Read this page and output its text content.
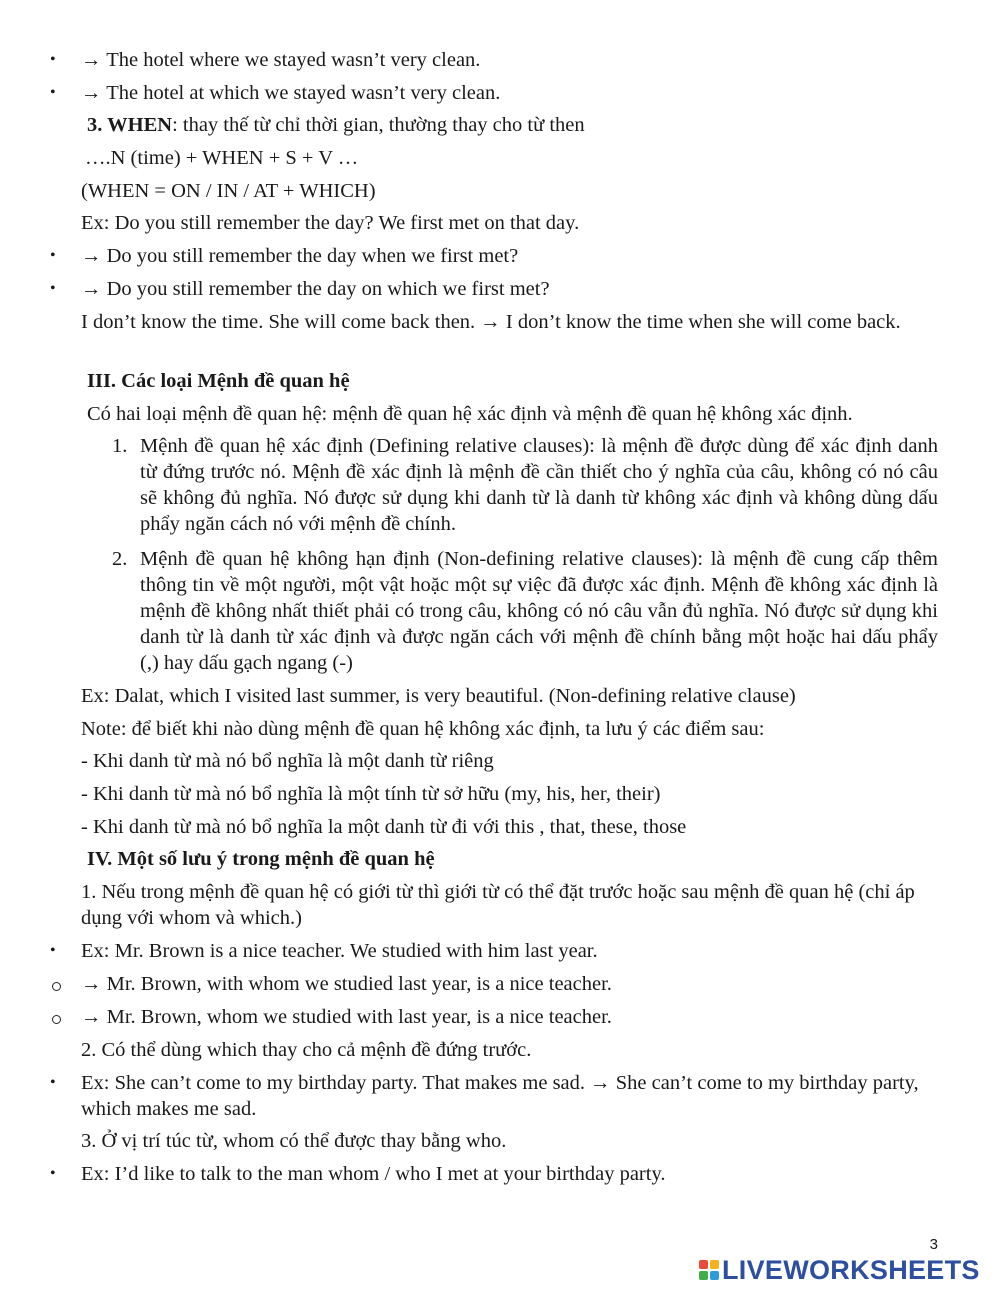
•
•
•
•
•
•
•
→ The hotel where we stayed wasn’t very clean.
→ The hotel at which we stayed wasn’t very clean.
3. WHEN: thay thế từ chỉ thời gian, thường thay cho từ then
….N (time) + WHEN + S + V …
(WHEN = ON / IN / AT + WHICH)
Ex: Do you still remember the day? We first met on that day.
→ Do you still remember the day when we first met?
→ Do you still remember the day on which we first met?
I don’t know the time. She will come back then. → I don’t know the time when she will come back.
III. Các loại Mệnh đề quan hệ
Có hai loại mệnh đề quan hệ: mệnh đề quan hệ xác định và mệnh đề quan hệ không xác định.
1. Mệnh đề quan hệ xác định (Defining relative clauses): là mệnh đề được dùng để xác định danh từ đứng trước nó. Mệnh đề xác định là mệnh đề cần thiết cho ý nghĩa của câu, không có nó câu sẽ không đủ nghĩa. Nó được sử dụng khi danh từ là danh từ không xác định và không dùng dấu phẩy ngăn cách nó với mệnh đề chính.
2. Mệnh đề quan hệ không hạn định (Non-defining relative clauses): là mệnh đề cung cấp thêm thông tin về một người, một vật hoặc một sự việc đã được xác định. Mệnh đề không xác định là mệnh đề không nhất thiết phải có trong câu, không có nó câu vẫn đủ nghĩa. Nó được sử dụng khi danh từ là danh từ xác định và được ngăn cách với mệnh đề chính bằng một hoặc hai dấu phẩy (,) hay dấu gạch ngang (-)
Ex: Dalat, which I visited last summer, is very beautiful. (Non-defining relative clause)
Note: để biết khi nào dùng mệnh đề quan hệ không xác định, ta lưu ý các điểm sau:
- Khi danh từ mà nó bổ nghĩa là một danh từ riêng
- Khi danh từ mà nó bổ nghĩa là một tính từ sở hữu (my, his, her, their)
- Khi danh từ mà nó bổ nghĩa la một danh từ đi với this , that, these, those
IV. Một số lưu ý trong mệnh đề quan hệ
1. Nếu trong mệnh đề quan hệ có giới từ thì giới từ có thể đặt trước hoặc sau mệnh đề quan hệ (chỉ áp dụng với whom và which.)
Ex: Mr. Brown is a nice teacher. We studied with him last year.
→ Mr. Brown, with whom we studied last year, is a nice teacher.
→ Mr. Brown, whom we studied with last year, is a nice teacher.
2. Có thể dùng which thay cho cả mệnh đề đứng trước.
Ex: She can’t come to my birthday party. That makes me sad. → She can’t come to my birthday party, which makes me sad.
3. Ở vị trí túc từ, whom có thể được thay bằng who.
Ex: I’d like to talk to the man whom / who I met at your birthday party.
3
LIVEWORKSHEETS
